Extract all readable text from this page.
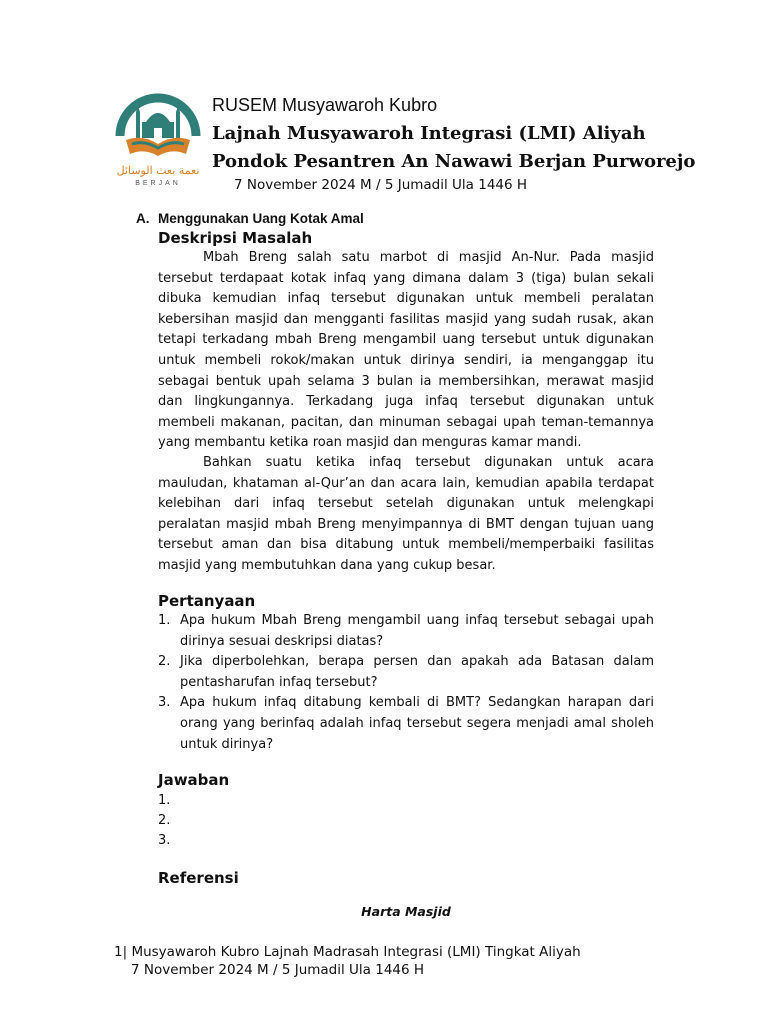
نعمة بعث الوسائل
BERJAN
RUSEM Musyawaroh Kubro
Lajnah Musyawaroh Integrasi (LMI) Aliyah
Pondok Pesantren An Nawawi Berjan Purworejo
7 November 2024 M / 5 Jumadil Ula 1446 H
A. Menggunakan Uang Kotak Amal
Deskripsi Masalah

Mbah Breng salah satu marbot di masjid An-Nur. Pada masjid tersebut terdapaat kotak infaq yang dimana dalam 3 (tiga) bulan sekali dibuka kemudian infaq tersebut digunakan untuk membeli peralatan kebersihan masjid dan mengganti fasilitas masjid yang sudah rusak, akan tetapi terkadang mbah Breng mengambil uang tersebut untuk digunakan untuk membeli rokok/makan untuk dirinya sendiri, ia menganggap itu sebagai bentuk upah selama 3 bulan ia membersihkan, merawat masjid dan lingkungannya. Terkadang juga infaq tersebut digunakan untuk membeli makanan, pacitan, dan minuman sebagai upah teman-temannya yang membantu ketika roan masjid dan menguras kamar mandi.

Bahkan suatu ketika infaq tersebut digunakan untuk acara mauludan, khataman al-Qur’an dan acara lain, kemudian apabila terdapat kelebihan dari infaq tersebut setelah digunakan untuk melengkapi peralatan masjid mbah Breng menyimpannya di BMT dengan tujuan uang tersebut aman dan bisa ditabung untuk membeli/memperbaiki fasilitas masjid yang membutuhkan dana yang cukup besar.

Pertanyaan
1. Apa hukum Mbah Breng mengambil uang infaq tersebut sebagai upah dirinya sesuai deskripsi diatas?
2. Jika diperbolehkan, berapa persen dan apakah ada Batasan dalam pentasharufan infaq tersebut?
3. Apa hukum infaq ditabung kembali di BMT? Sedangkan harapan dari orang yang berinfaq adalah infaq tersebut segera menjadi amal sholeh untuk dirinya?
Jawaban
1.
2.
3.
Referensi
Harta Masjid
1| Musyawaroh Kubro Lajnah Madrasah Integrasi (LMI) Tingkat Aliyah
7 November 2024 M / 5 Jumadil Ula 1446 H
